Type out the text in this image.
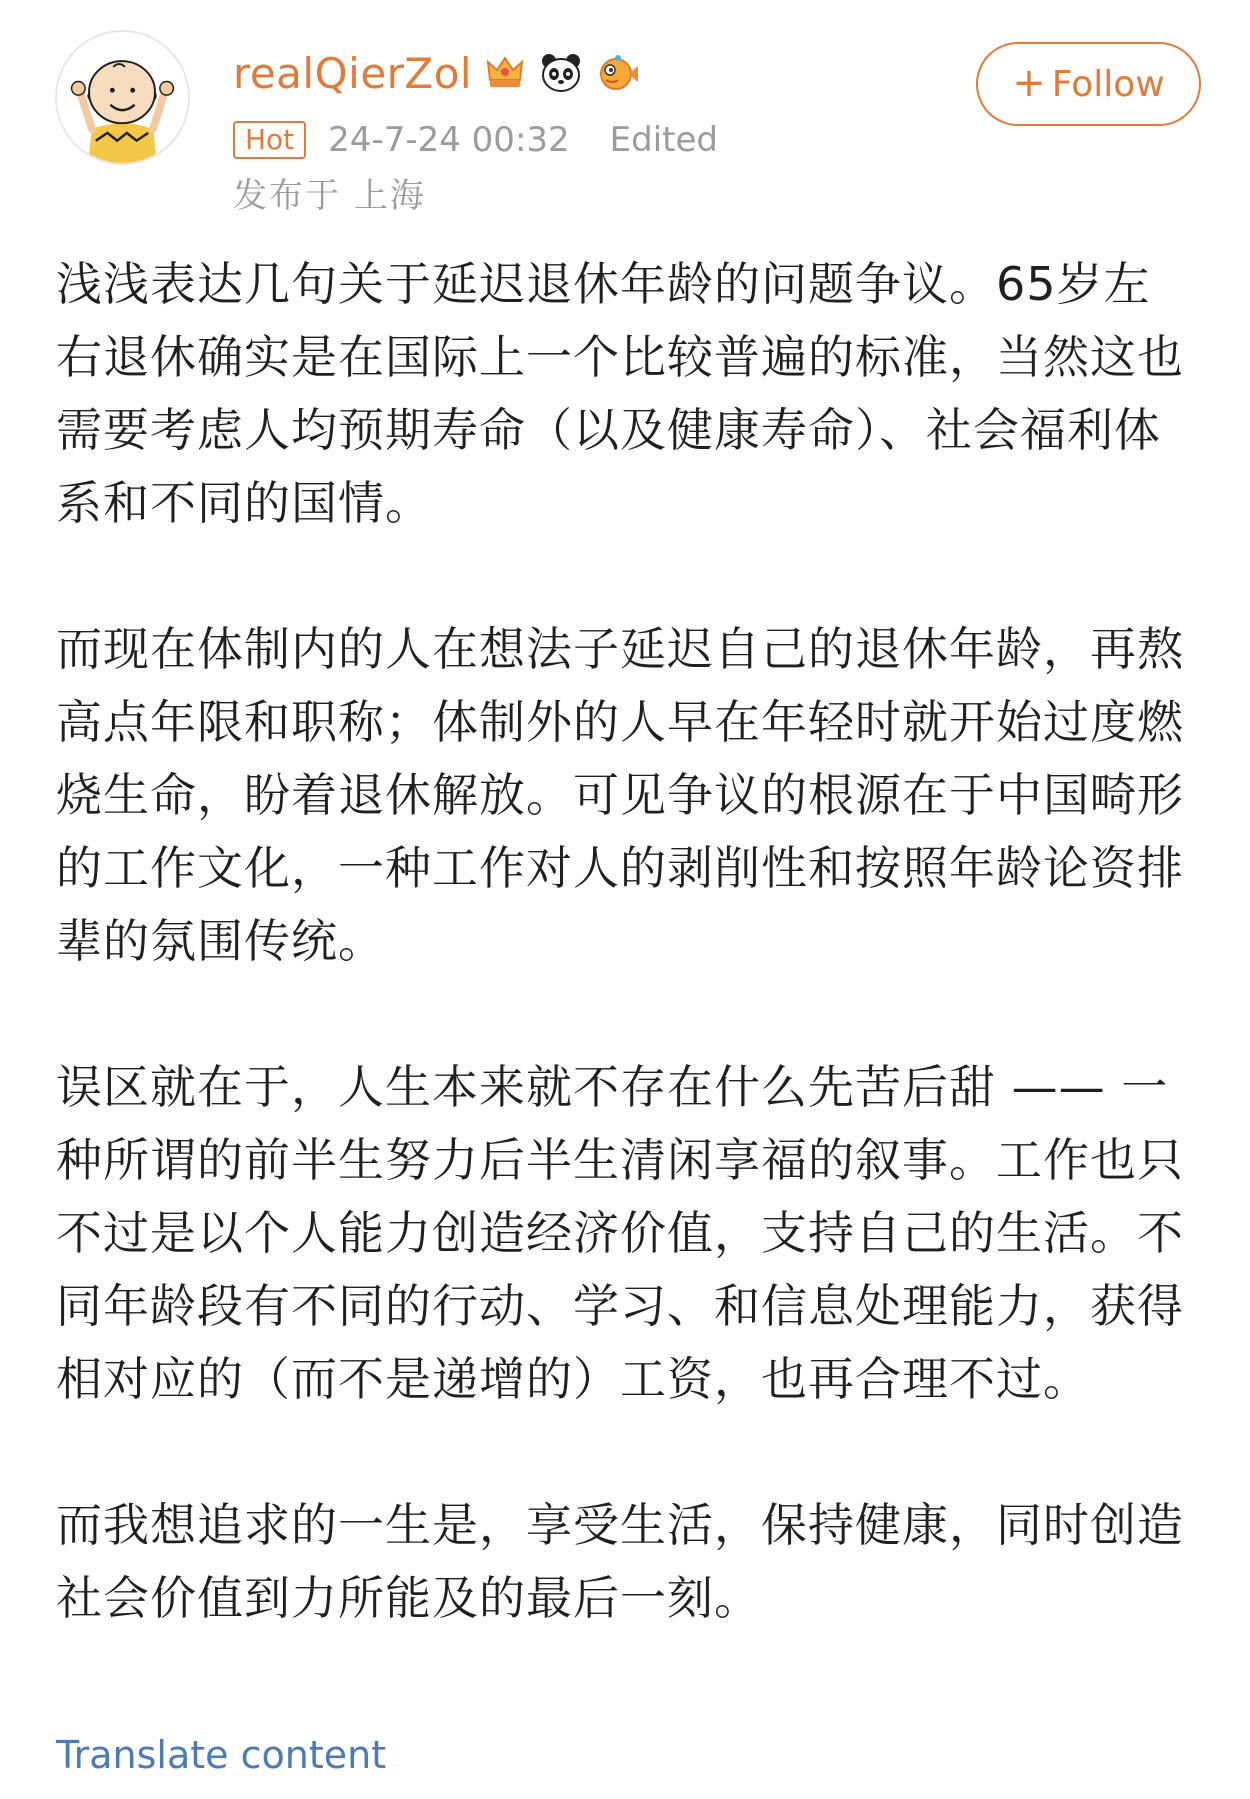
realQierZol
Hot	24-7-24 00:32 Edited
发布于 上海
+ Follow

浅浅表达几句关于延迟退休年龄的问题争议。65岁左右退休确实是在国际上一个比较普遍的标准，当然这也需要考虑人均预期寿命（以及健康寿命）、社会福利体系和不同的国情。

而现在体制内的人在想法子延迟自己的退休年龄，再熬高点年限和职称；体制外的人早在年轻时就开始过度燃烧生命，盼着退休解放。可见争议的根源在于中国畸形的工作文化，一种工作对人的剥削性和按照年龄论资排辈的氛围传统。

误区就在于，人生本来就不存在什么先苦后甜 —— 一种所谓的前半生努力后半生清闲享福的叙事。工作也只不过是以个人能力创造经济价值，支持自己的生活。不同年龄段有不同的行动、学习、和信息处理能力，获得相对应的（而不是递增的）工资，也再合理不过。

而我想追求的一生是，享受生活，保持健康，同时创造社会价值到力所能及的最后一刻。

Translate content
